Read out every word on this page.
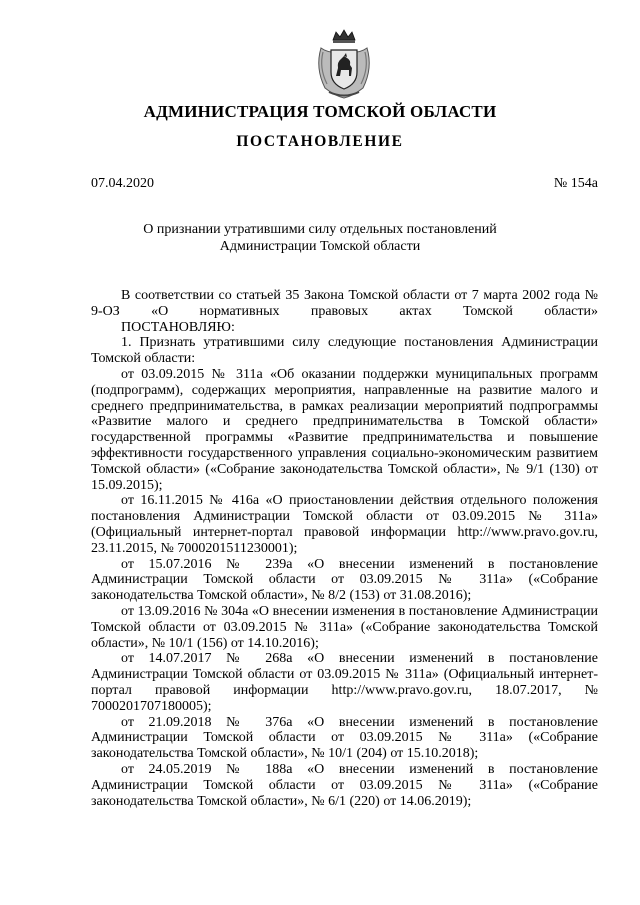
АДМИНИСТРАЦИЯ ТОМСКОЙ ОБЛАСТИ
ПОСТАНОВЛЕНИЕ
07.04.2020	№ 154а
О признании утратившими силу отдельных постановлений
Администрации Томской области

В соответствии со статьей 35 Закона Томской области от 7 марта 2002 года № 9-ОЗ «О нормативных правовых актах Томской области»

ПОСТАНОВЛЯЮ:

1. Признать утратившими силу следующие постановления Администрации Томской области:

от 03.09.2015 № 311а «Об оказании поддержки муниципальных программ (подпрограмм), содержащих мероприятия, направленные на развитие малого и среднего предпринимательства, в рамках реализации мероприятий подпрограммы «Развитие малого и среднего предпринимательства в Томской области» государственной программы «Развитие предпринимательства и повышение эффективности государственного управления социально-экономическим развитием Томской области» («Собрание законодательства Томской области», № 9/1 (130) от 15.09.2015);

от 16.11.2015 № 416а «О приостановлении действия отдельного положения постановления Администрации Томской области от 03.09.2015 № 311а» (Официальный интернет-портал правовой информации http://www.pravo.gov.ru, 23.11.2015, № 7000201511230001);

от 15.07.2016 № 239а «О внесении изменений в постановление Администрации Томской области от 03.09.2015 № 311а» («Собрание законодательства Томской области», № 8/2 (153) от 31.08.2016);

от 13.09.2016 № 304а «О внесении изменения в постановление Администрации Томской области от 03.09.2015 № 311а» («Собрание законодательства Томской области», № 10/1 (156) от 14.10.2016);

от 14.07.2017 № 268а «О внесении изменений в постановление Администрации Томской области от 03.09.2015 № 311а» (Официальный интернет-портал правовой информации http://www.pravo.gov.ru, 18.07.2017, № 7000201707180005);

от 21.09.2018 № 376а «О внесении изменений в постановление Администрации Томской области от 03.09.2015 № 311а» («Собрание законодательства Томской области», № 10/1 (204) от 15.10.2018);

от 24.05.2019 № 188а «О внесении изменений в постановление Администрации Томской области от 03.09.2015 № 311а» («Собрание законодательства Томской области», № 6/1 (220) от 14.06.2019);
